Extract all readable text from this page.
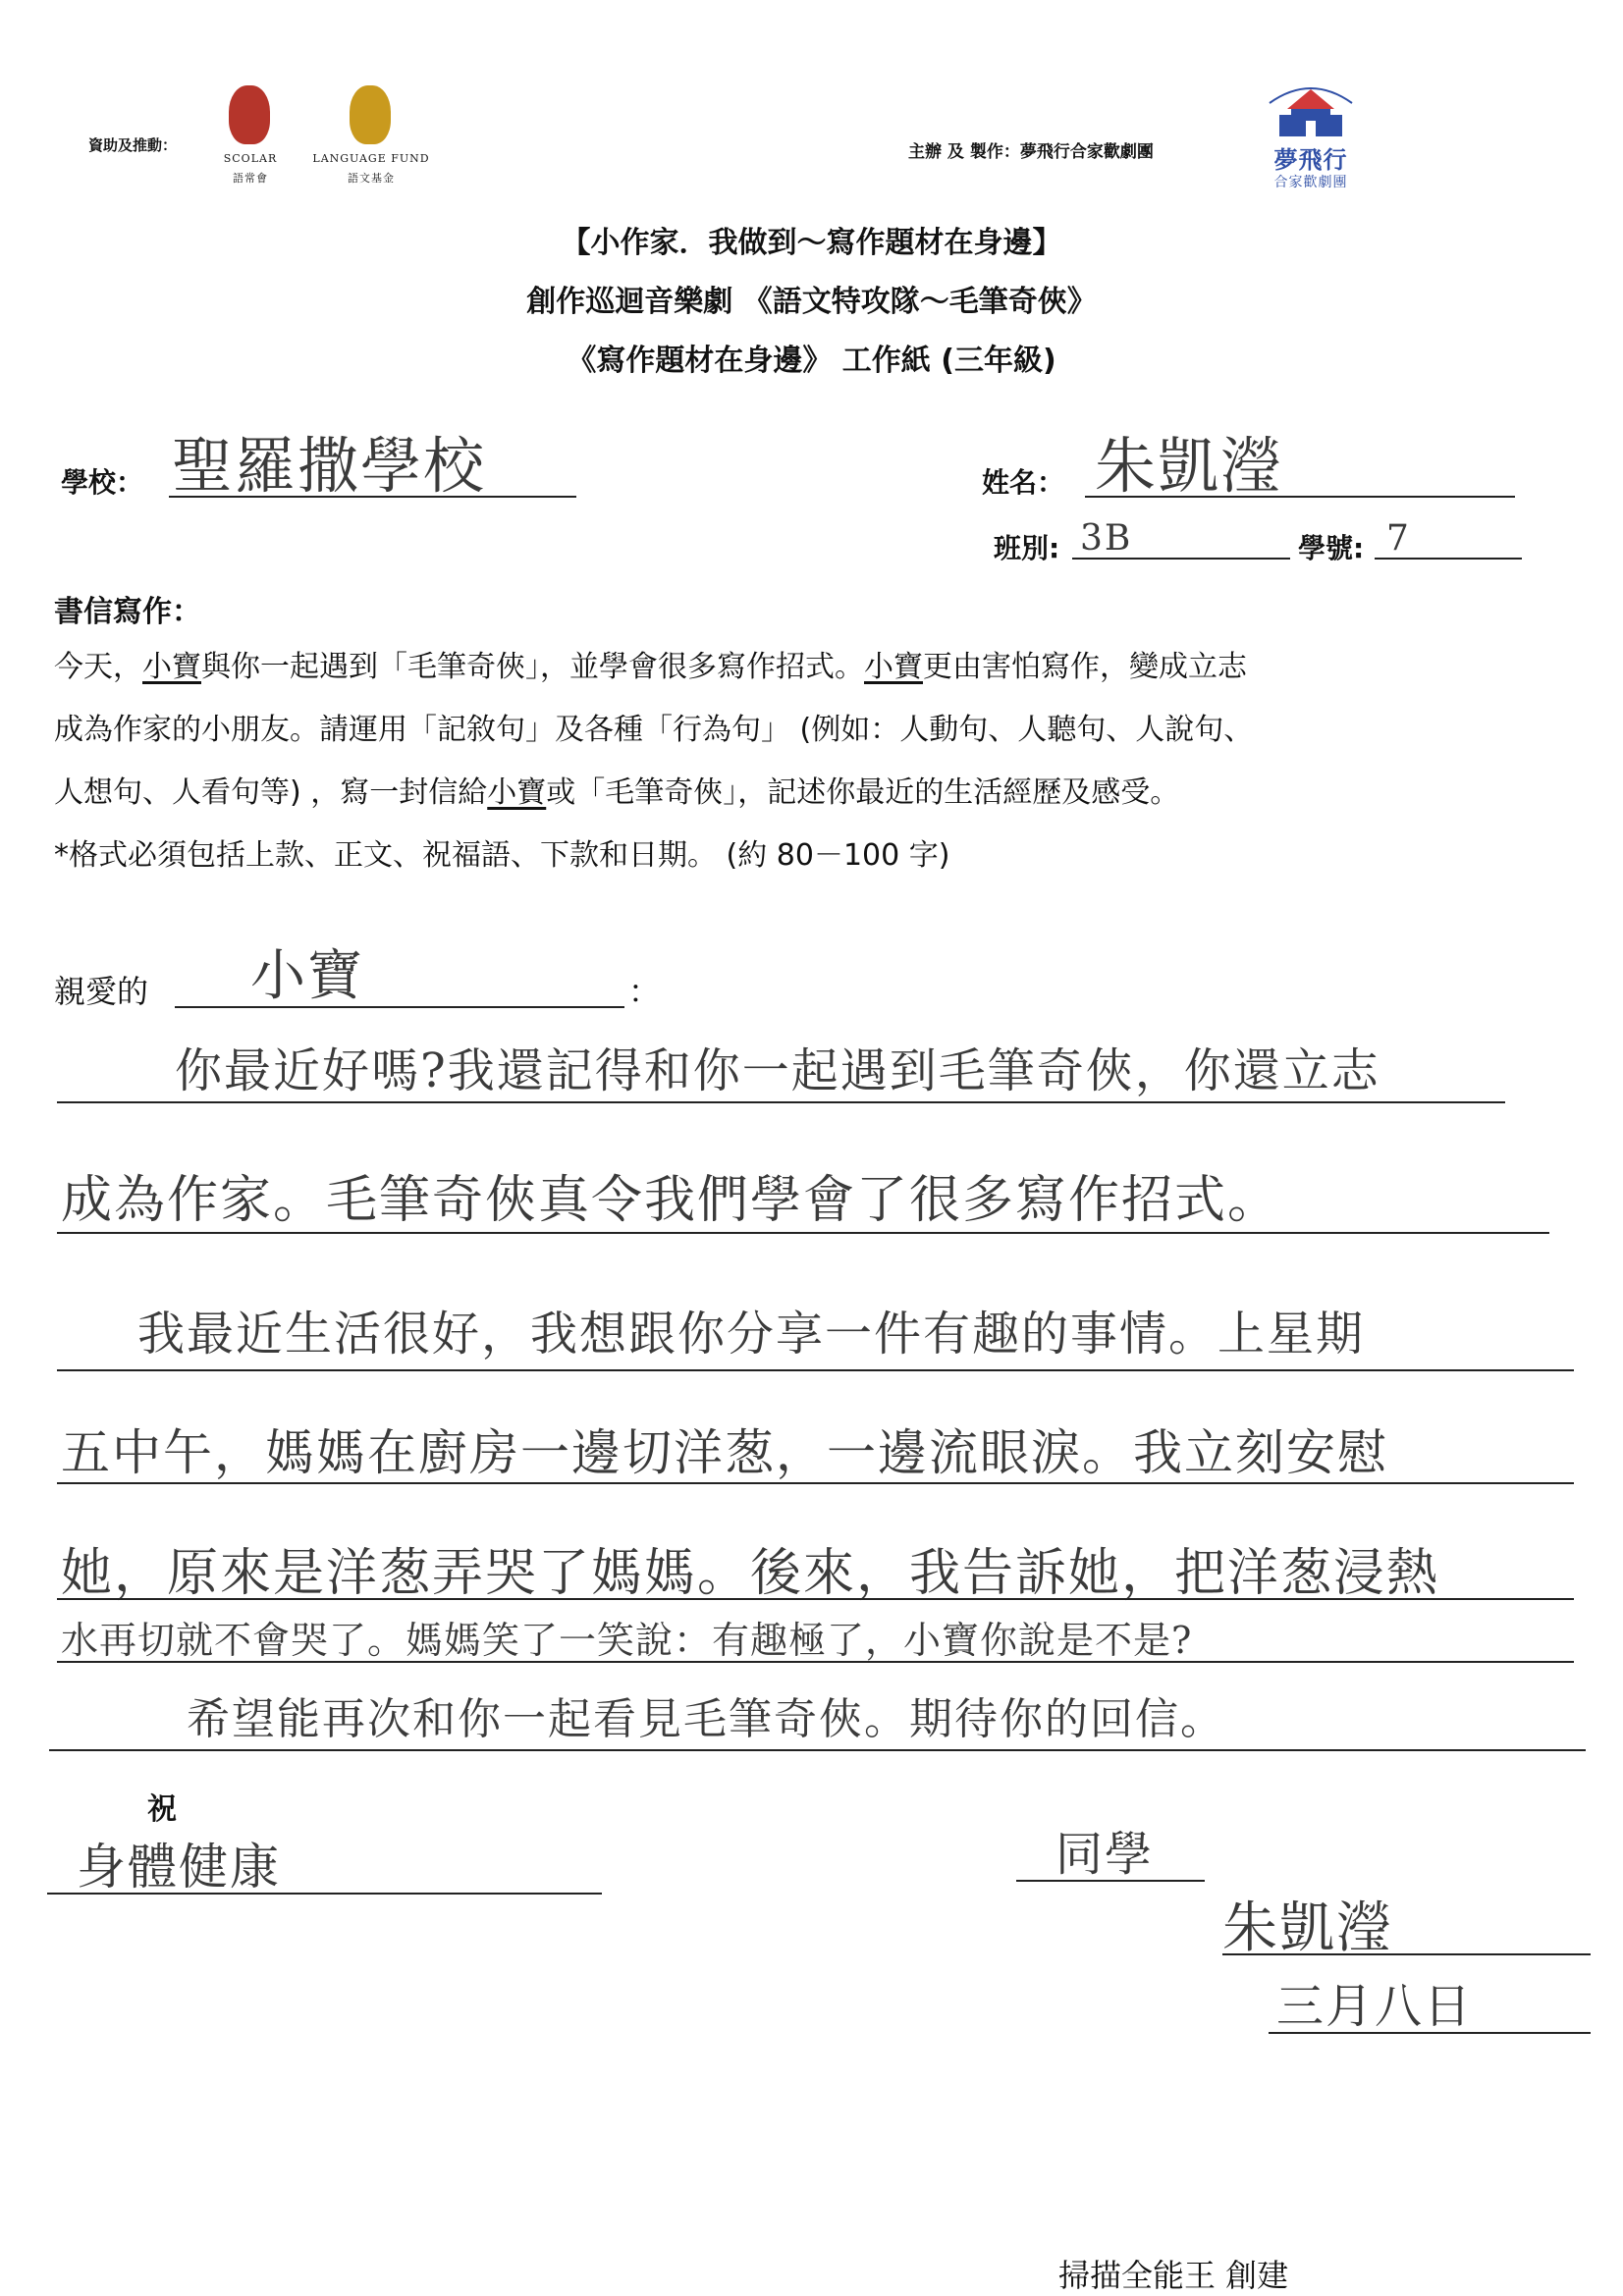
資助及推動：
SCOLAR
語常會
LANGUAGE FUND
語文基金
主辦 及 製作：夢飛行合家歡劇團	夢飛行
合家歡劇團
【小作家．我做到～寫作題材在身邊】
創作巡迴音樂劇 《語文特攻隊～毛筆奇俠》
《寫作題材在身邊》 工作紙 (三年級)
學校： 聖羅撒學校	姓名： 朱凱瀅
班別: 3B	學號: 7
書信寫作：
今天，小寶與你一起遇到「毛筆奇俠」，並學會很多寫作招式。小寶更由害怕寫作，變成立志
成為作家的小朋友。請運用「記敘句」及各種「行為句」 (例如：人動句、人聽句、人說句、
人想句、人看句等) ，寫一封信給小寶或「毛筆奇俠」，記述你最近的生活經歷及感受。
*格式必須包括上款、正文、祝福語、下款和日期。 (約 80－100 字)
親愛的 小寶	：
你最近好嗎?我還記得和你一起遇到毛筆奇俠，你還立志
成為作家。毛筆奇俠真令我們學會了很多寫作招式。
我最近生活很好，我想跟你分享一件有趣的事情。上星期
五中午，媽媽在廚房一邊切洋葱，一邊流眼淚。我立刻安慰
她，原來是洋葱弄哭了媽媽。後來，我告訴她，把洋葱浸熱
水再切就不會哭了。媽媽笑了一笑說：有趣極了，小寶你說是不是?
希望能再次和你一起看見毛筆奇俠。期待你的回信。
祝
身體健康	同學
朱凱瀅
三月八日
掃描全能王 創建
